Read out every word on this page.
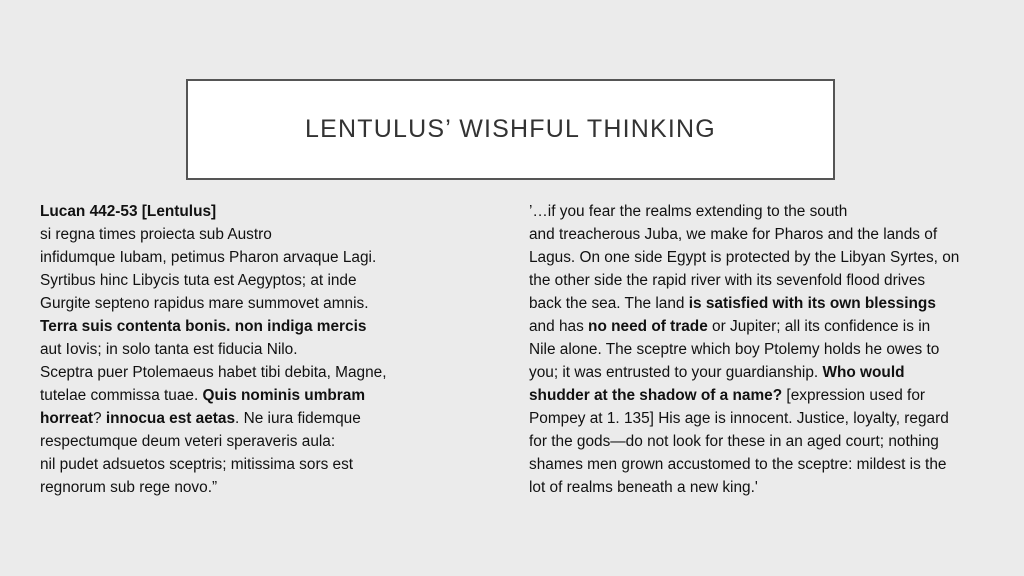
LENTULUS’ WISHFUL THINKING
Lucan 442-53 [Lentulus]
si regna times proiecta sub Austro
infidumque Iubam, petimus Pharon arvaque Lagi.
Syrtibus hinc Libycis tuta est Aegyptos; at inde
Gurgite septeno rapidus mare summovet amnis.
Terra suis contenta bonis. non indiga mercis
aut Iovis; in solo tanta est fiducia Nilo.
Sceptra puer Ptolemaeus habet tibi debita, Magne,
tutelae commissa tuae. Quis nominis umbram
horreat? innocua est aetas. Ne iura fidemque
respectumque deum veteri speraveris aula:
nil pudet adsuetos sceptris; mitissima sors est
regnorum sub rege novo.”
’…if you fear the realms extending to the south
and treacherous Juba, we make for Pharos and the lands of
Lagus. On one side Egypt is protected by the Libyan Syrtes, on
the other side the rapid river with its sevenfold flood drives
back the sea. The land is satisfied with its own blessings
and has no need of trade or Jupiter; all its confidence is in
Nile alone. The sceptre which boy Ptolemy holds he owes to
you; it was entrusted to your guardianship. Who would
shudder at the shadow of a name? [expression used for
Pompey at 1. 135] His age is innocent. Justice, loyalty, regard
for the gods—do not look for these in an aged court; nothing
shames men grown accustomed to the sceptre: mildest is the
lot of realms beneath a new king.'
